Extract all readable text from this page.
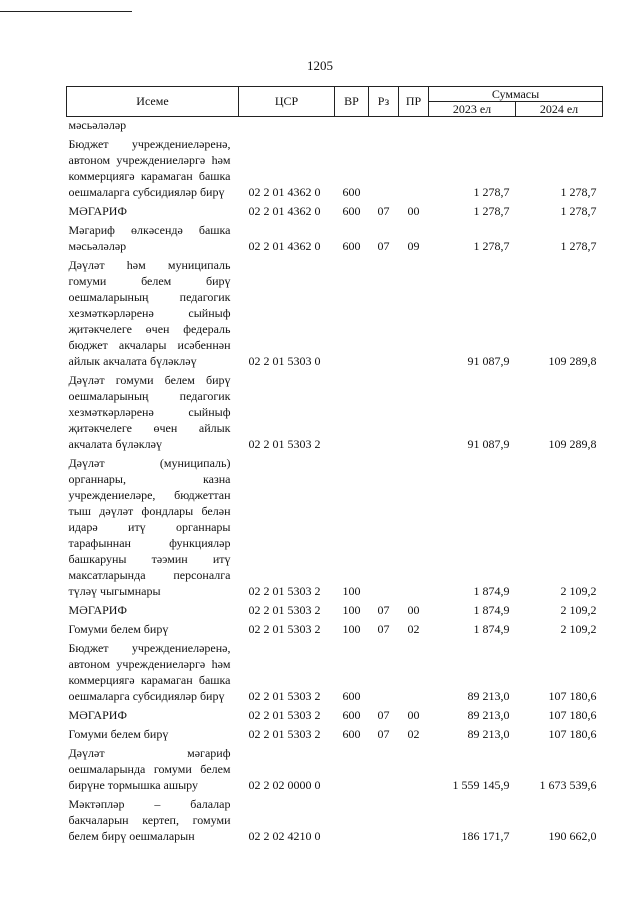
1205
Исеме	ЦСР	ВР	Рз	ПР	Суммасы	
					2023 ел	2024 ел
мәсьәләләр						

Бюджет учреждениеләренә, автоном учреждениеләргә һәм коммерциягә карамаган башка оешмаларга субсидияләр бирү	02 2 01 4362 0	600			1 278,7	1 278,7

МӘГАРИФ	02 2 01 4362 0	600	07	00	1 278,7	1 278,7

Мәгариф өлкәсендә башка мәсьәләләр	02 2 01 4362 0	600	07	09	1 278,7	1 278,7

Дәүләт һәм муниципаль гомуми белем бирү оешмаларының педагогик хезмәткәрләренә сыйныф җитәкчелеге өчен федераль бюджет акчалары исәбеннән айлык акчалата бүләкләү	02 2 01 5303 0				91 087,9	109 289,8

Дәүләт гомуми белем бирү оешмаларының педагогик хезмәткәрләренә сыйныф җитәкчелеге өчен айлык акчалата бүләкләү	02 2 01 5303 2				91 087,9	109 289,8

Дәүләт (муниципаль) органнары, казна учреждениеләре, бюджеттан тыш дәүләт фондлары белән идарә итү органнары тарафыннан функцияләр башкаруны тәэмин итү максатларында персоналга түләү чыгымнары	02 2 01 5303 2	100			1 874,9	2 109,2

МӘГАРИФ	02 2 01 5303 2	100	07	00	1 874,9	2 109,2

Гомуми белем бирү	02 2 01 5303 2	100	07	02	1 874,9	2 109,2

Бюджет учреждениеләренә, автоном учреждениеләргә һәм коммерциягә карамаган башка оешмаларга субсидияләр бирү	02 2 01 5303 2	600			89 213,0	107 180,6

МӘГАРИФ	02 2 01 5303 2	600	07	00	89 213,0	107 180,6

Гомуми белем бирү	02 2 01 5303 2	600	07	02	89 213,0	107 180,6

Дәүләт мәгариф оешмаларында гомуми белем бирүне тормышка ашыру	02 2 02 0000 0				1 559 145,9	1 673 539,6

Мәктәпләр – балалар бакчаларын кертеп, гомуми белем бирү оешмаларын	02 2 02 4210 0				186 171,7	190 662,0
